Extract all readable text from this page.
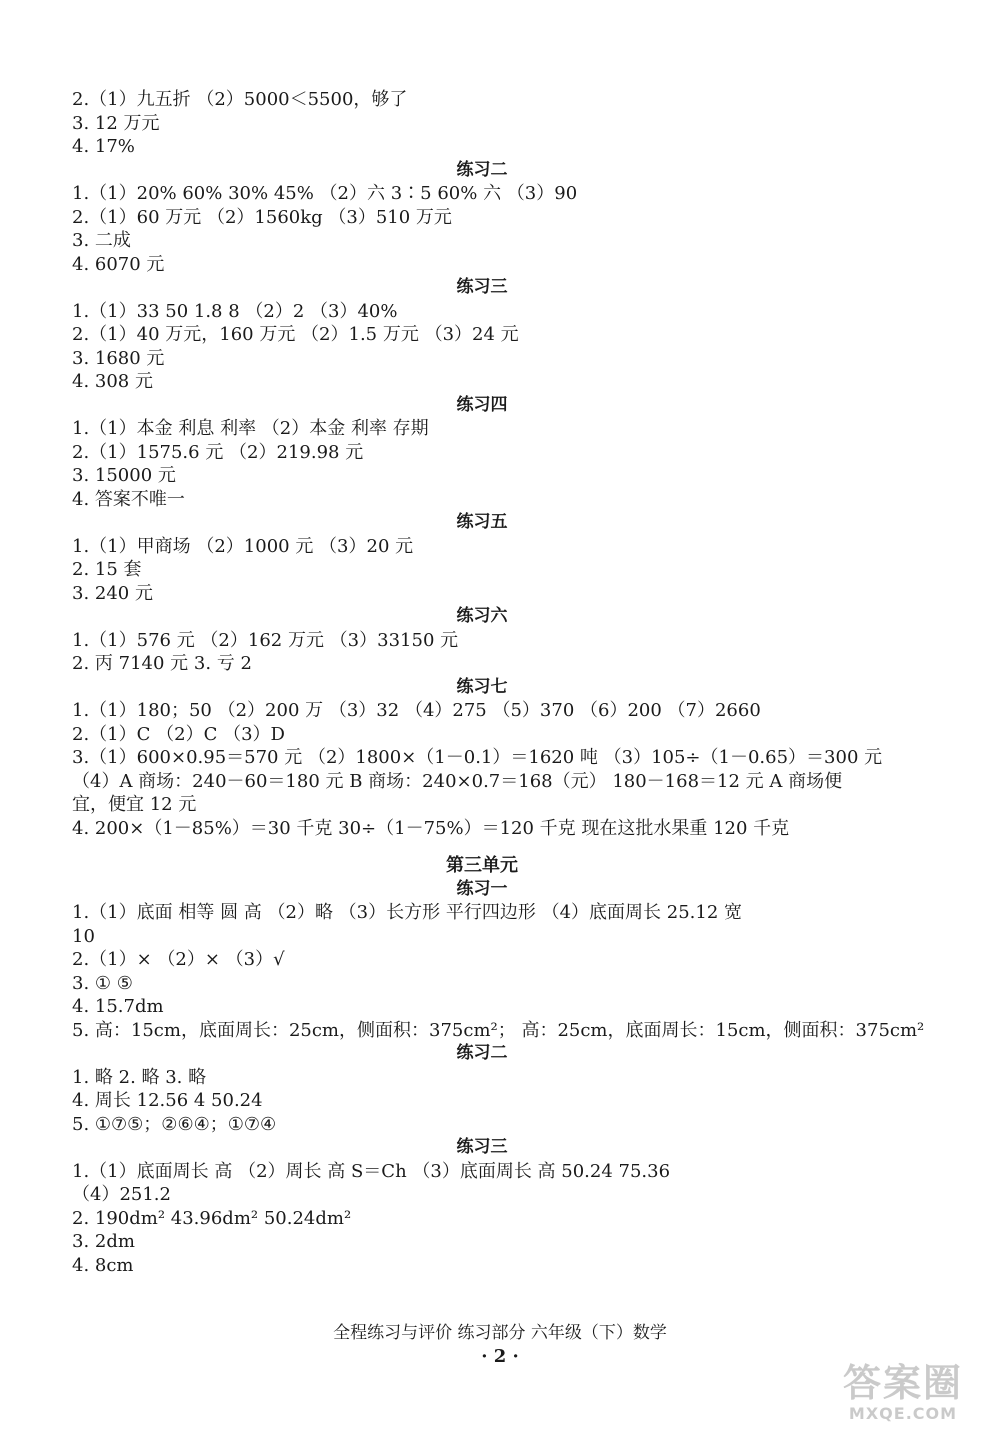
2.（1）九五折 （2）5000＜5500，够了
3. 12 万元
4. 17%
练习二
1.（1）20% 60% 30% 45% （2）六 3∶5 60% 六 （3）90
2.（1）60 万元 （2）1560kg （3）510 万元
3. 二成
4. 6070 元
练习三
1.（1）33 50 1.8 8 （2）2 （3）40%
2.（1）40 万元，160 万元 （2）1.5 万元 （3）24 元
3. 1680 元
4. 308 元
练习四
1.（1）本金 利息 利率 （2）本金 利率 存期
2.（1）1575.6 元 （2）219.98 元
3. 15000 元
4. 答案不唯一
练习五
1.（1）甲商场 （2）1000 元 （3）20 元
2. 15 套
3. 240 元
练习六
1.（1）576 元 （2）162 万元 （3）33150 元
2. 丙 7140 元 3. 亏 2
练习七
1.（1）180；50 （2）200 万 （3）32 （4）275 （5）370 （6）200 （7）2660
2.（1）C （2）C （3）D
3.（1）600×0.95＝570 元 （2）1800×（1－0.1）＝1620 吨 （3）105÷（1－0.65）＝300 元
（4）A 商场：240－60＝180 元 B 商场：240×0.7＝168（元） 180－168＝12 元 A 商场便
宜，便宜 12 元
4. 200×（1－85%）＝30 千克 30÷（1－75%）＝120 千克 现在这批水果重 120 千克
第三单元
练习一
1.（1）底面 相等 圆 高 （2）略 （3）长方形 平行四边形 （4）底面周长 25.12 宽
10
2.（1）× （2）× （3）√
3. ① ⑤
4. 15.7dm
5. 高：15cm，底面周长：25cm，侧面积：375cm²； 高：25cm，底面周长：15cm，侧面积：375cm²
练习二
1. 略 2. 略 3. 略
4. 周长 12.56 4 50.24
5. ①⑦⑤；②⑥④；①⑦④
练习三
1.（1）底面周长 高 （2）周长 高 S＝Ch （3）底面周长 高 50.24 75.36
（4）251.2
2. 190dm² 43.96dm² 50.24dm²
3. 2dm
4. 8cm
全程练习与评价 练习部分 六年级（下）数学
· 2 ·
答案圈
MXQE.COM
